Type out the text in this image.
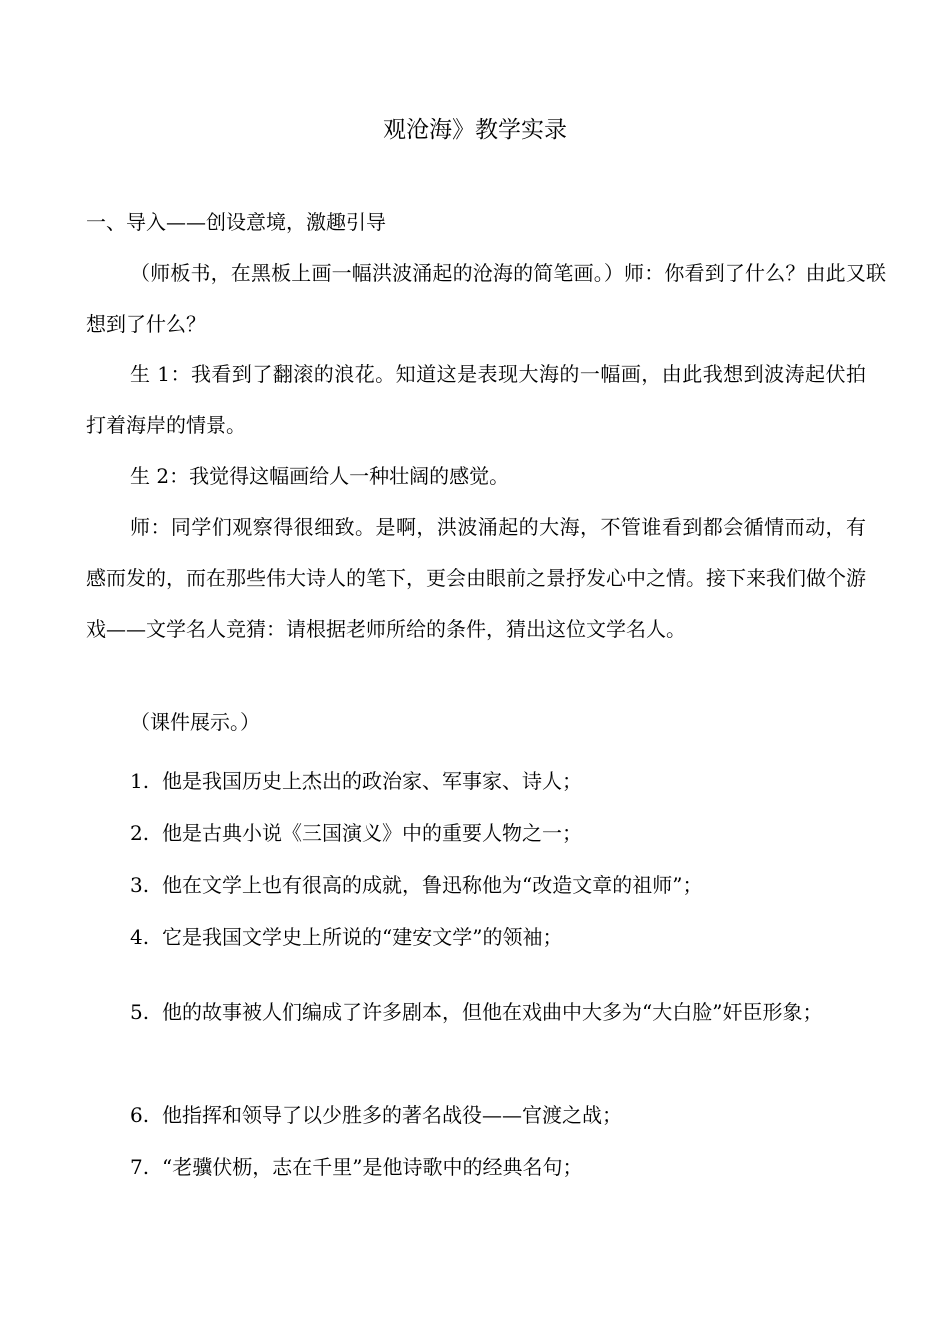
观沧海》教学实录
一、导入——创设意境，激趣引导
（师板书，在黑板上画一幅洪波涌起的沧海的简笔画。）师：你看到了什么？由此又联想到了什么？
生 1：我看到了翻滚的浪花。知道这是表现大海的一幅画，由此我想到波涛起伏拍打着海岸的情景。
生 2：我觉得这幅画给人一种壮阔的感觉。
师：同学们观察得很细致。是啊，洪波涌起的大海，不管谁看到都会循情而动，有感而发的，而在那些伟大诗人的笔下，更会由眼前之景抒发心中之情。接下来我们做个游戏——文学名人竞猜：请根据老师所给的条件，猜出这位文学名人。
（课件展示。）
1. 他是我国历史上杰出的政治家、军事家、诗人；
2. 他是古典小说《三国演义》中的重要人物之一；
3. 他在文学上也有很高的成就，鲁迅称他为“改造文章的祖师”；
4. 它是我国文学史上所说的“建安文学”的领袖；
5. 他的故事被人们编成了许多剧本，但他在戏曲中大多为“大白脸”奸臣形象；
6. 他指挥和领导了以少胜多的著名战役——官渡之战；
7. “老骥伏枥，志在千里”是他诗歌中的经典名句；
